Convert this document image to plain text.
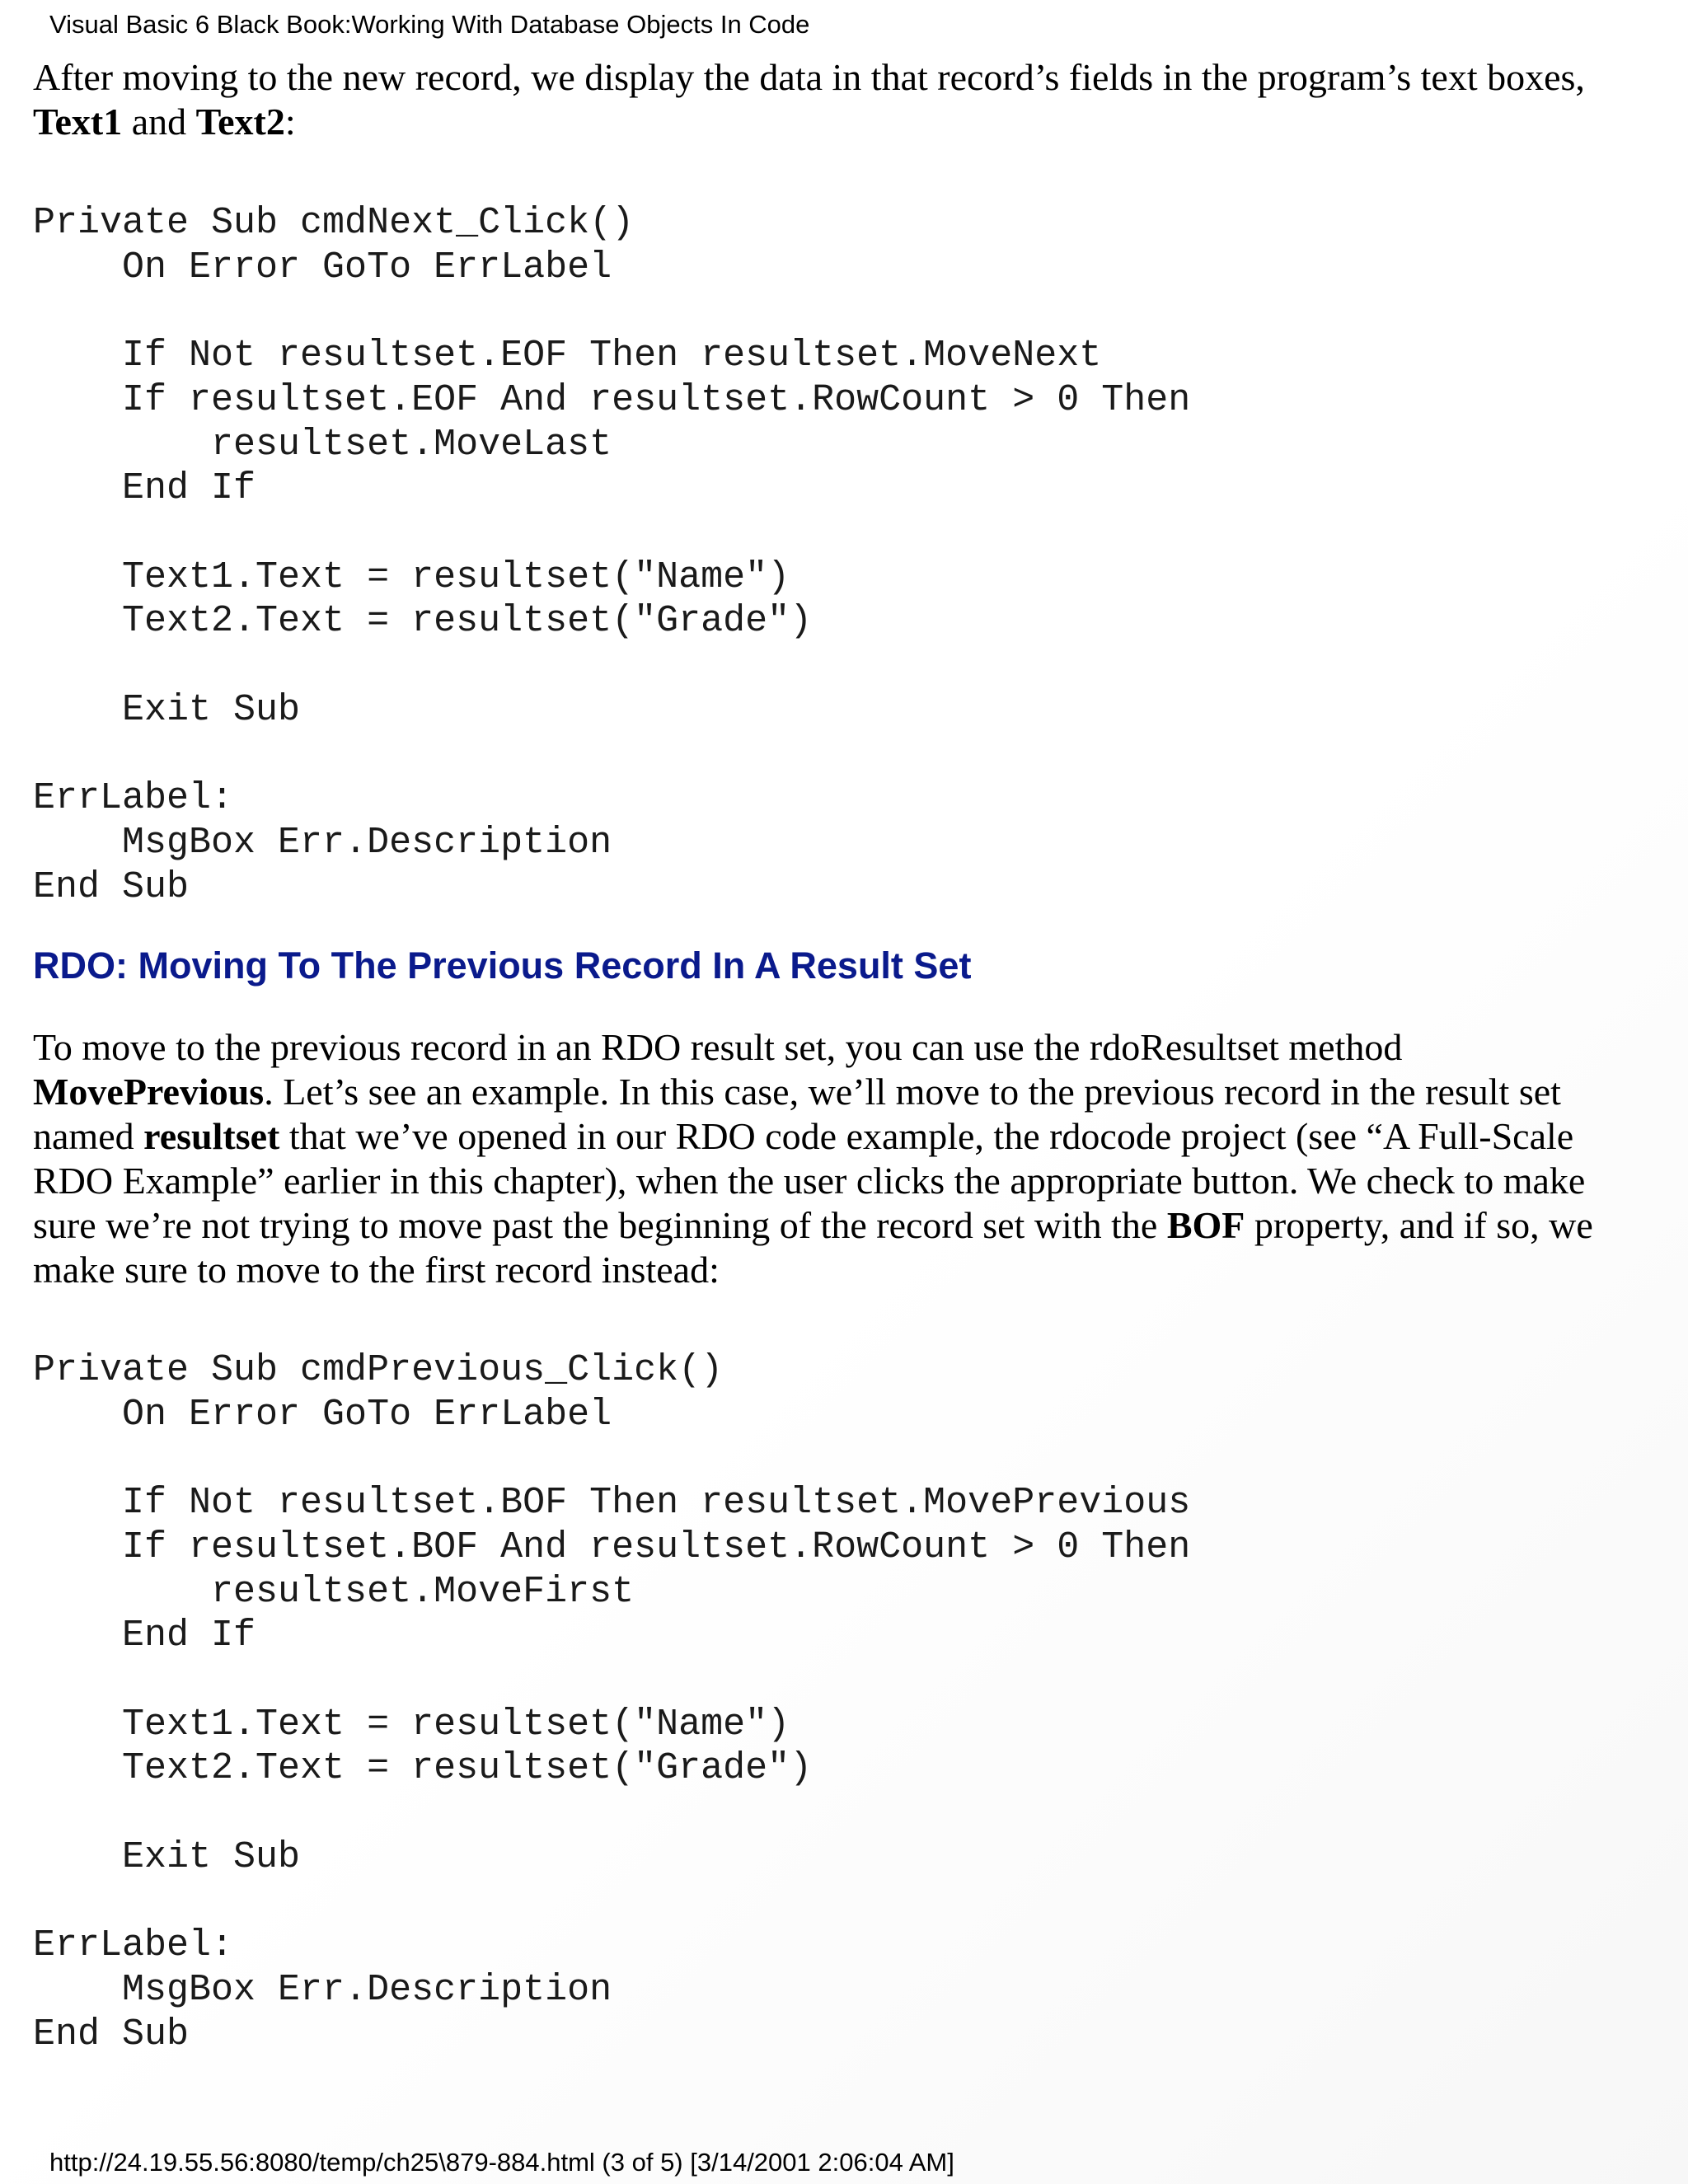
Visual Basic 6 Black Book:Working With Database Objects In Code

After moving to the new record, we display the data in that record’s fields in the program’s text boxes,
Text1 and Text2:

Private Sub cmdNext_Click()
On Error GoTo ErrLabel

If Not resultset.EOF Then resultset.MoveNext
If resultset.EOF And resultset.RowCount > 0 Then
resultset.MoveLast
End If

Text1.Text = resultset("Name")
Text2.Text = resultset("Grade")

Exit Sub

ErrLabel:
MsgBox Err.Description
End Sub
RDO: Moving To The Previous Record In A Result Set

To move to the previous record in an RDO result set, you can use the rdoResultset method
MovePrevious. Let’s see an example. In this case, we’ll move to the previous record in the result set
named resultset that we’ve opened in our RDO code example, the rdocode project (see “A Full-Scale
RDO Example” earlier in this chapter), when the user clicks the appropriate button. We check to make
sure we’re not trying to move past the beginning of the record set with the BOF property, and if so, we
make sure to move to the first record instead:

Private Sub cmdPrevious_Click()
On Error GoTo ErrLabel

If Not resultset.BOF Then resultset.MovePrevious
If resultset.BOF And resultset.RowCount > 0 Then
resultset.MoveFirst
End If

Text1.Text = resultset("Name")
Text2.Text = resultset("Grade")

Exit Sub

ErrLabel:
MsgBox Err.Description
End Sub
http://24.19.55.56:8080/temp/ch25\879-884.html (3 of 5) [3/14/2001 2:06:04 AM]
